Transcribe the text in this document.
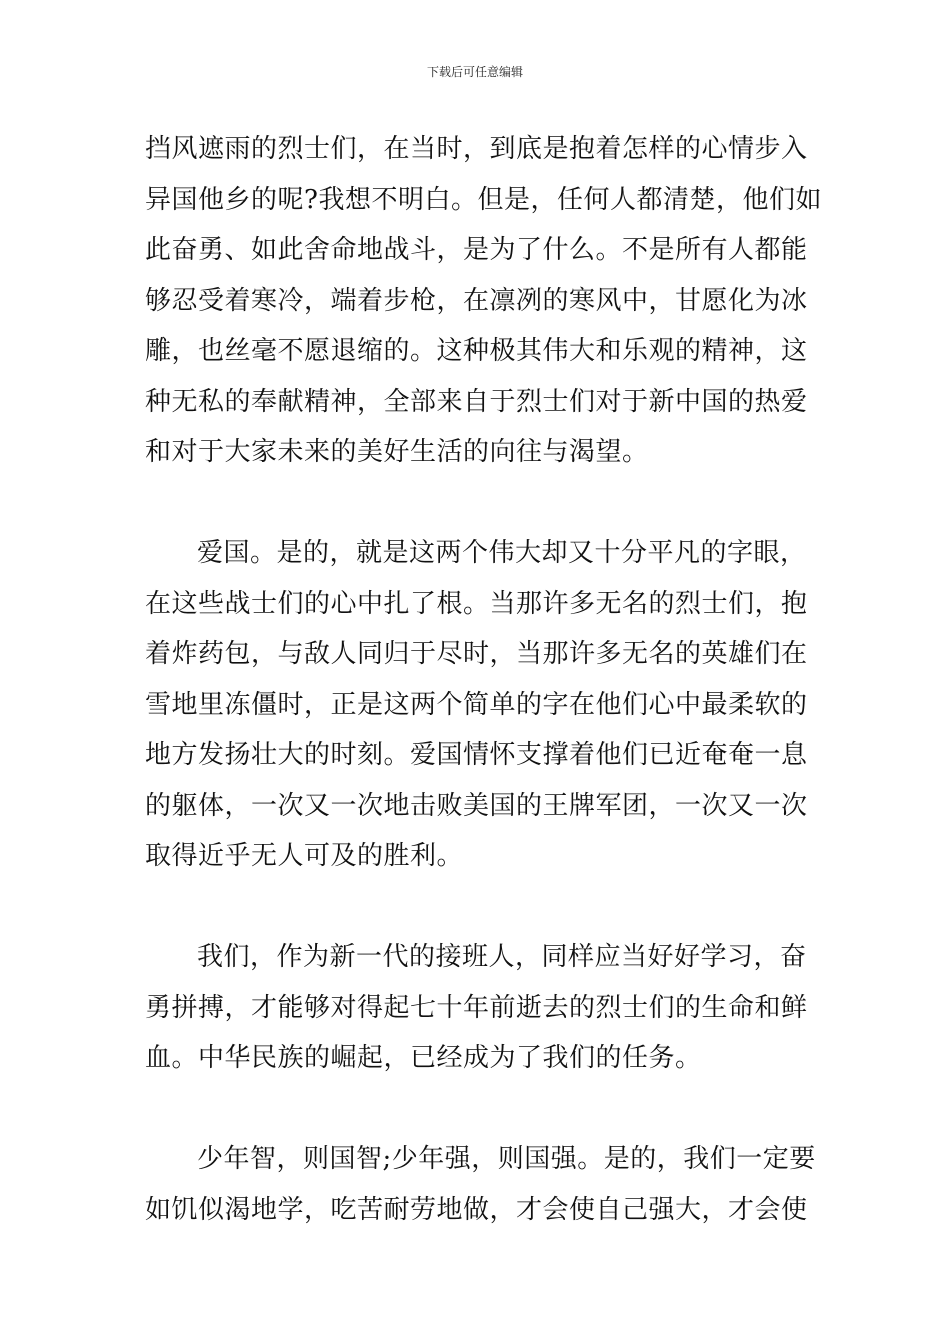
下载后可任意编辑
挡风遮雨的烈士们，在当时，到底是抱着怎样的心情步入
异国他乡的呢?我想不明白。但是，任何人都清楚，他们如
此奋勇、如此舍命地战斗，是为了什么。不是所有人都能
够忍受着寒冷，端着步枪，在凛冽的寒风中，甘愿化为冰
雕，也丝毫不愿退缩的。这种极其伟大和乐观的精神，这
种无私的奉献精神，全部来自于烈士们对于新中国的热爱
和对于大家未来的美好生活的向往与渴望。
爱国。是的，就是这两个伟大却又十分平凡的字眼，
在这些战士们的心中扎了根。当那许多无名的烈士们，抱
着炸药包，与敌人同归于尽时，当那许多无名的英雄们在
雪地里冻僵时，正是这两个简单的字在他们心中最柔软的
地方发扬壮大的时刻。爱国情怀支撑着他们已近奄奄一息
的躯体，一次又一次地击败美国的王牌军团，一次又一次
取得近乎无人可及的胜利。
我们，作为新一代的接班人，同样应当好好学习，奋
勇拼搏，才能够对得起七十年前逝去的烈士们的生命和鲜
血。中华民族的崛起，已经成为了我们的任务。
少年智，则国智;少年强，则国强。是的，我们一定要
如饥似渴地学，吃苦耐劳地做，才会使自己强大，才会使
